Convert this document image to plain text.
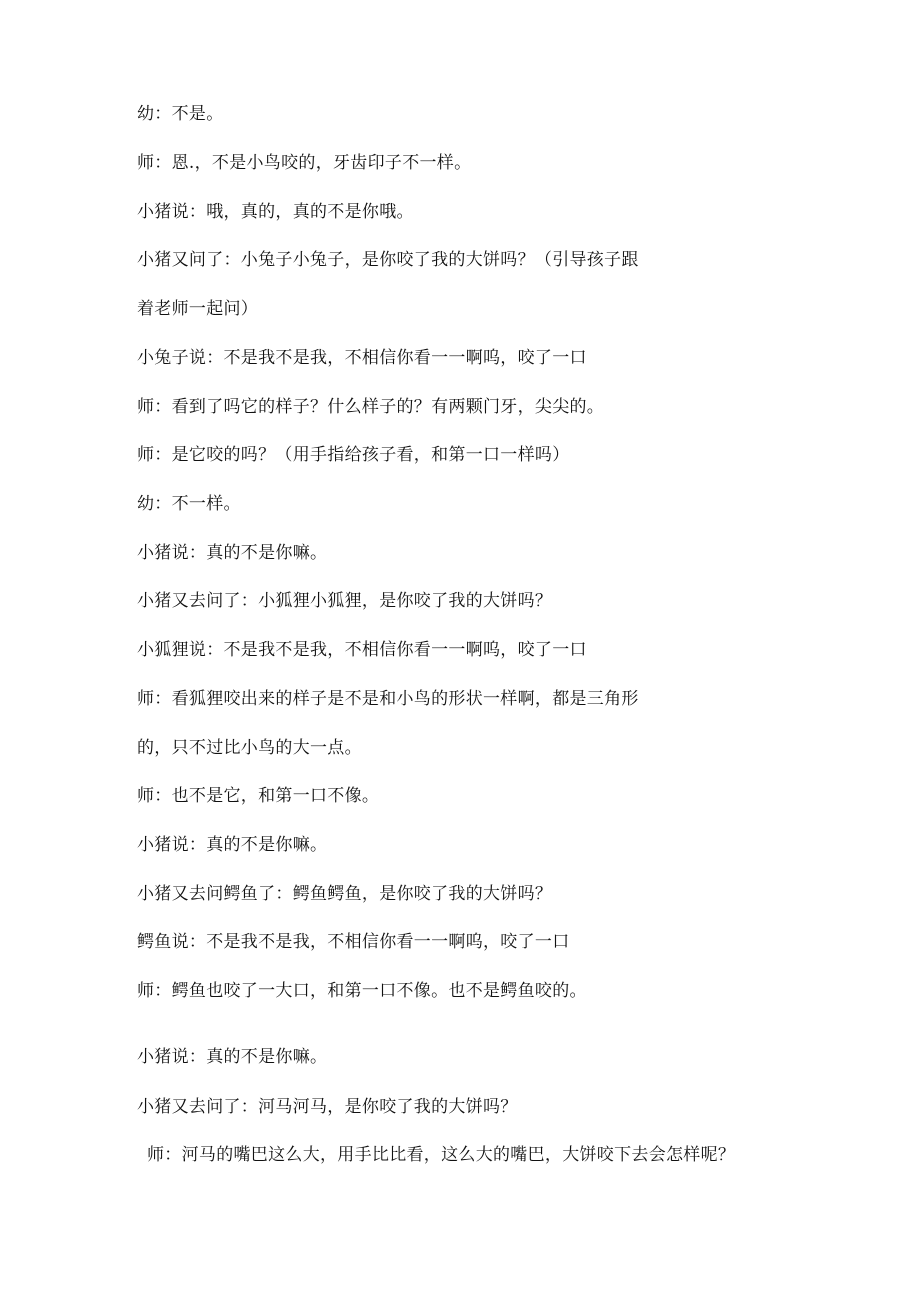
幼：不是。
师：恩.，不是小鸟咬的，牙齿印子不一样。
小猪说：哦，真的，真的不是你哦。
小猪又问了：小兔子小兔子，是你咬了我的大饼吗？（引导孩子跟
着老师一起问）
小兔子说：不是我不是我，不相信你看一一啊呜，咬了一口
师：看到了吗它的样子？什么样子的？有两颗门牙，尖尖的。
师：是它咬的吗？（用手指给孩子看，和第一口一样吗）
幼：不一样。
小猪说：真的不是你嘛。
小猪又去问了：小狐狸小狐狸，是你咬了我的大饼吗？
小狐狸说：不是我不是我，不相信你看一一啊呜，咬了一口
师：看狐狸咬出来的样子是不是和小鸟的形状一样啊，都是三角形
的，只不过比小鸟的大一点。
师：也不是它，和第一口不像。
小猪说：真的不是你嘛。
小猪又去问鳄鱼了：鳄鱼鳄鱼，是你咬了我的大饼吗？
鳄鱼说：不是我不是我，不相信你看一一啊呜，咬了一口
师：鳄鱼也咬了一大口，和第一口不像。也不是鳄鱼咬的。
小猪说：真的不是你嘛。
小猪又去问了：河马河马，是你咬了我的大饼吗？
师：河马的嘴巴这么大，用手比比看，这么大的嘴巴，大饼咬下去会怎样呢？
